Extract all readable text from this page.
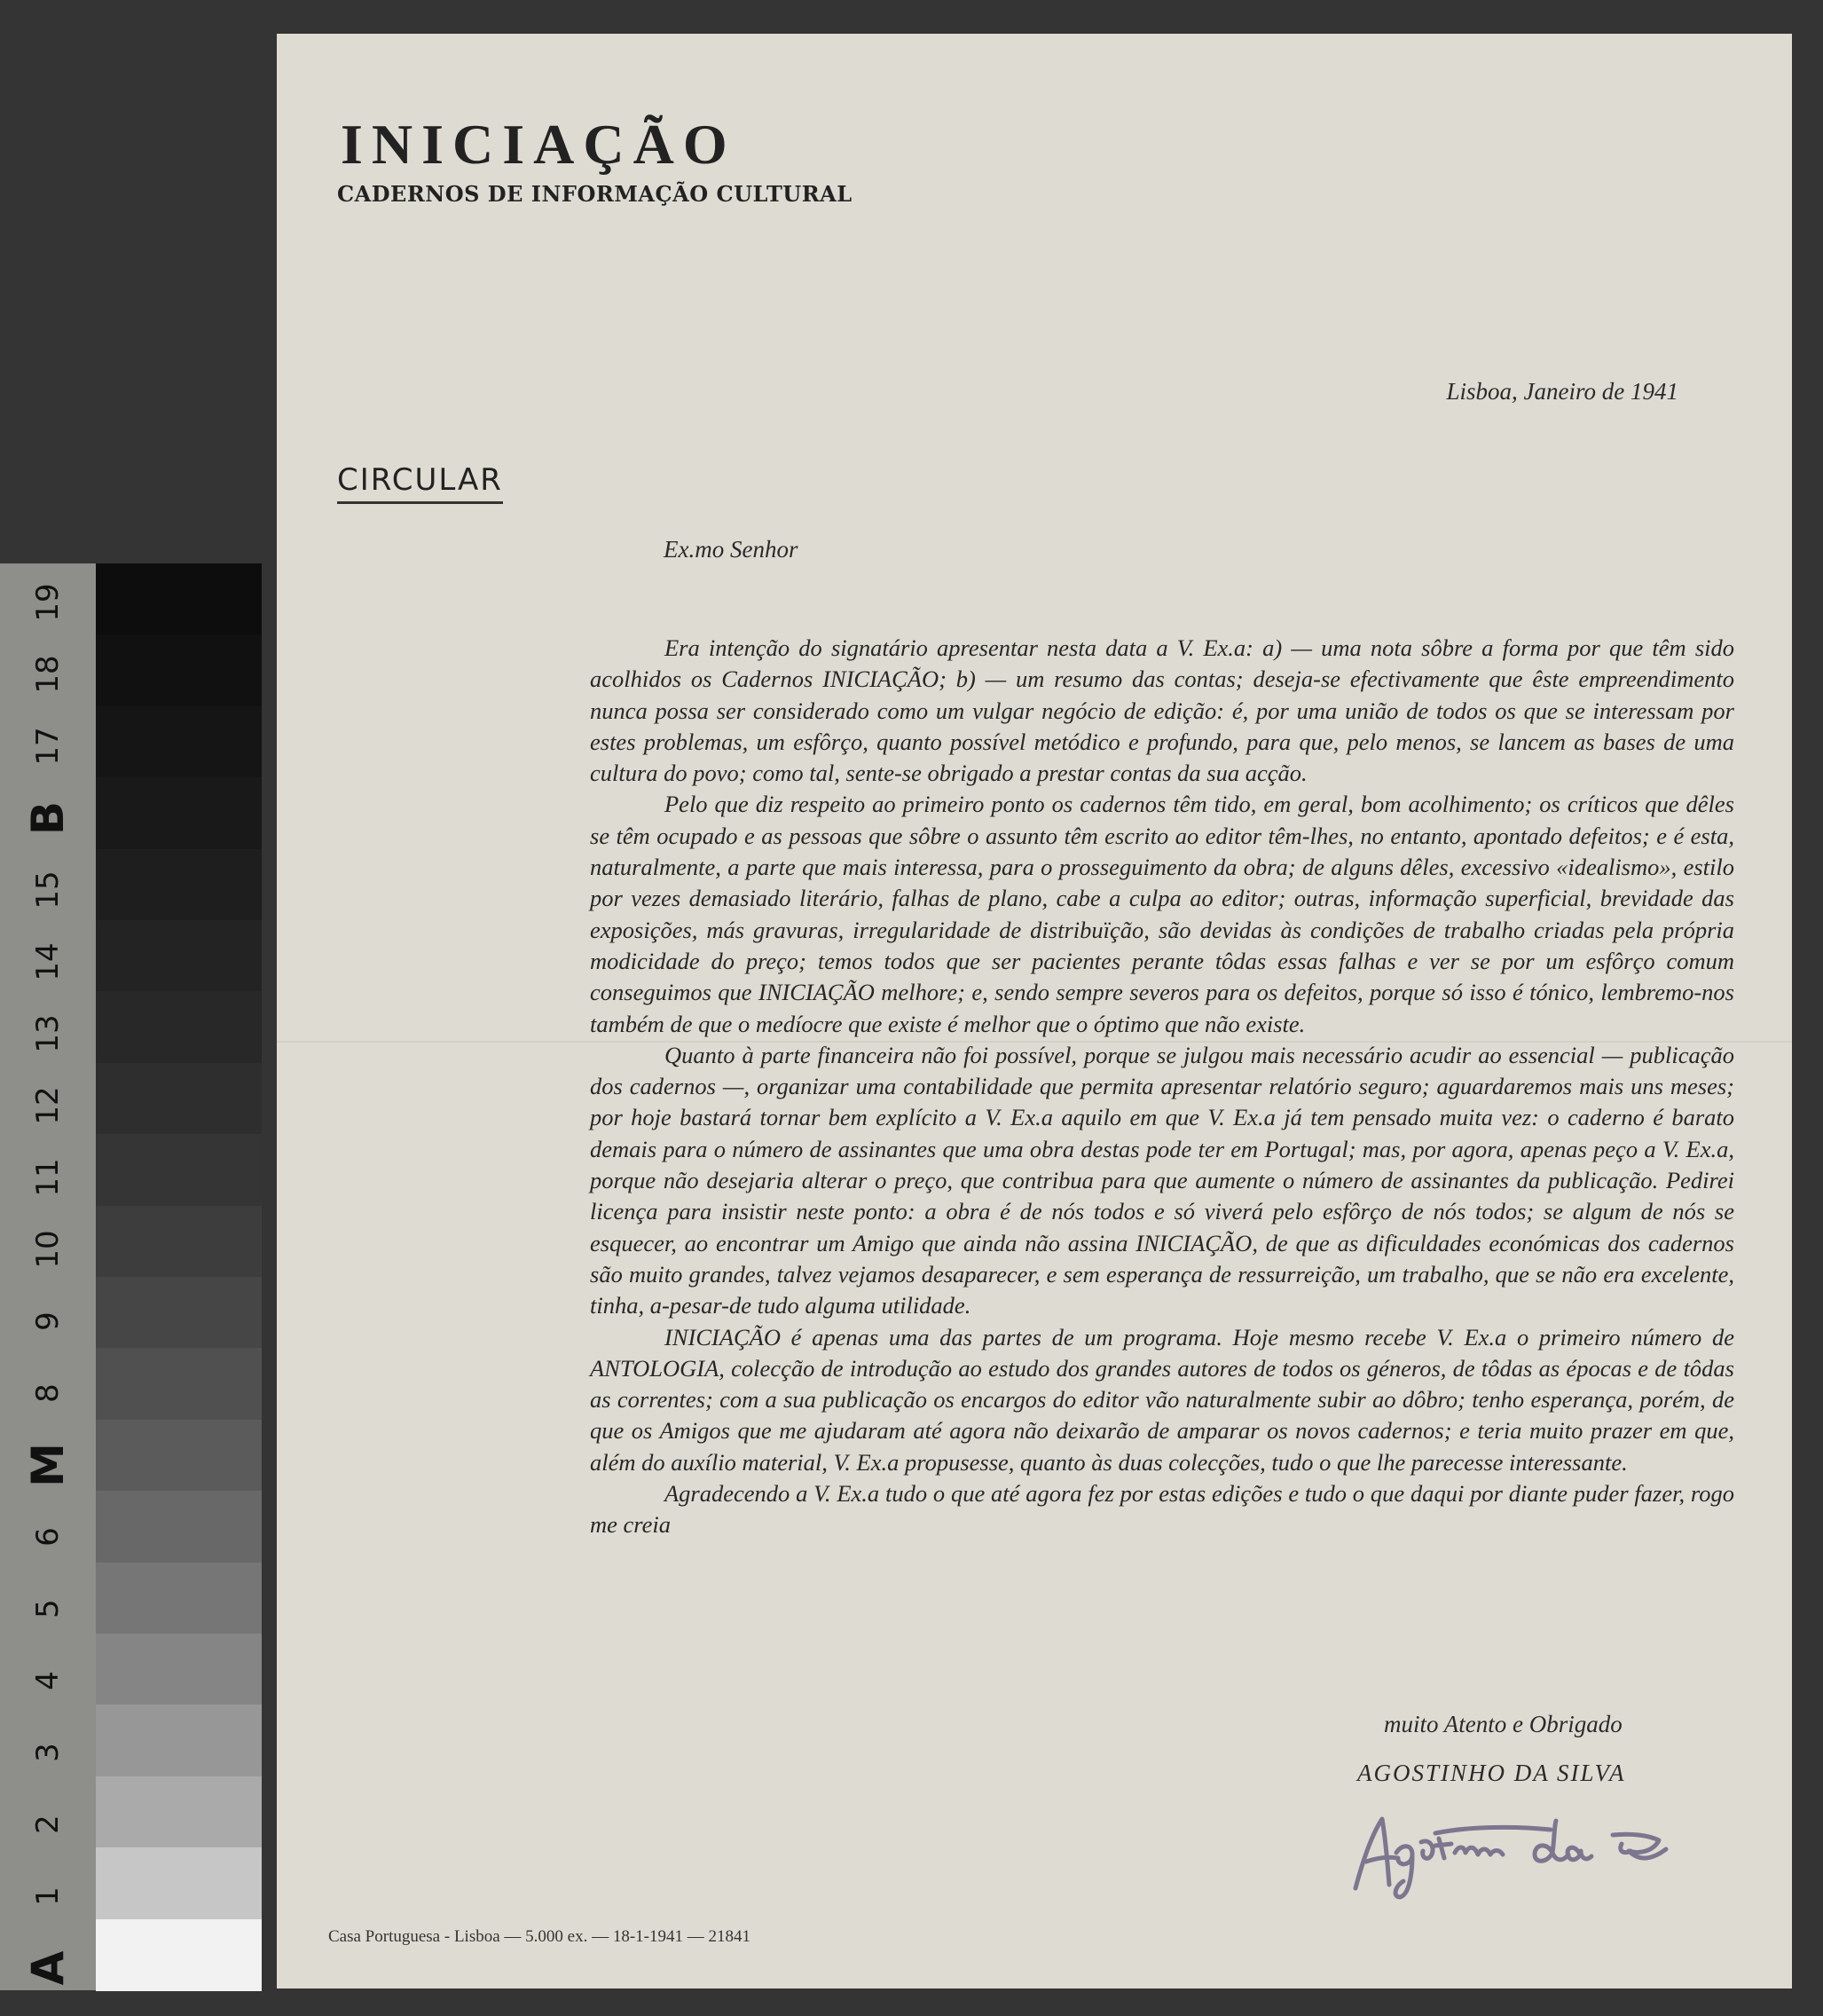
19
18
17
B
15
14
13
12
11
10
9
8
M
6
5
4
3
2
1
A
INICIAÇÃO
CADERNOS DE INFORMAÇÃO CULTURAL
Lisboa, Janeiro de 1941
CIRCULAR
Ex.mo Senhor

Era intenção do signatário apresentar nesta data a V. Ex.a: a) — uma nota sôbre a forma por que têm sido acolhidos os Cadernos INICIAÇÃO; b) — um resumo das contas; deseja-se efectivamente que êste empreendimento nunca possa ser considerado como um vulgar negócio de edição: é, por uma união de todos os que se interessam por estes problemas, um esfôrço, quanto possível metódico e profundo, para que, pelo menos, se lancem as bases de uma cultura do povo; como tal, sente-se obrigado a prestar contas da sua acção.

Pelo que diz respeito ao primeiro ponto os cadernos têm tido, em geral, bom acolhimento; os críticos que dêles se têm ocupado e as pessoas que sôbre o assunto têm escrito ao editor têm-lhes, no entanto, apontado defeitos; e é esta, naturalmente, a parte que mais interessa, para o prosseguimento da obra; de alguns dêles, excessivo «idealismo», estilo por vezes demasiado literário, falhas de plano, cabe a culpa ao editor; outras, informação superficial, brevidade das exposições, más gravuras, irregularidade de distribuïção, são devidas às condições de trabalho criadas pela própria modicidade do preço; temos todos que ser pacientes perante tôdas essas falhas e ver se por um esfôrço comum conseguimos que INICIAÇÃO melhore; e, sendo sempre severos para os defeitos, porque só isso é tónico, lembremo-nos também de que o medíocre que existe é melhor que o óptimo que não existe.

Quanto à parte financeira não foi possível, porque se julgou mais necessário acudir ao essencial — publicação dos cadernos —, organizar uma contabilidade que permita apresentar relatório seguro; aguardaremos mais uns meses; por hoje bastará tornar bem explícito a V. Ex.a aquilo em que V. Ex.a já tem pensado muita vez: o caderno é barato demais para o número de assinantes que uma obra destas pode ter em Portugal; mas, por agora, apenas peço a V. Ex.a, porque não desejaria alterar o preço, que contribua para que aumente o número de assinantes da publicação. Pedirei licença para insistir neste ponto: a obra é de nós todos e só viverá pelo esfôrço de nós todos; se algum de nós se esquecer, ao encontrar um Amigo que ainda não assina INICIAÇÃO, de que as dificuldades económicas dos cadernos são muito grandes, talvez vejamos desaparecer, e sem esperança de ressurreição, um trabalho, que se não era excelente, tinha, a-pesar-de tudo alguma utilidade.

INICIAÇÃO é apenas uma das partes de um programa. Hoje mesmo recebe V. Ex.a o primeiro número de ANTOLOGIA, colecção de introdução ao estudo dos grandes autores de todos os géneros, de tôdas as épocas e de tôdas as correntes; com a sua publicação os encargos do editor vão naturalmente subir ao dôbro; tenho esperança, porém, de que os Amigos que me ajudaram até agora não deixarão de amparar os novos cadernos; e teria muito prazer em que, além do auxílio material, V. Ex.a propusesse, quanto às duas colecções, tudo o que lhe parecesse interessante.

Agradecendo a V. Ex.a tudo o que até agora fez por estas edições e tudo o que daqui por diante puder fazer, rogo me creia

muito Atento e Obrigado
AGOSTINHO DA SILVA
Casa Portuguesa - Lisboa — 5.000 ex. — 18-1-1941 — 21841
